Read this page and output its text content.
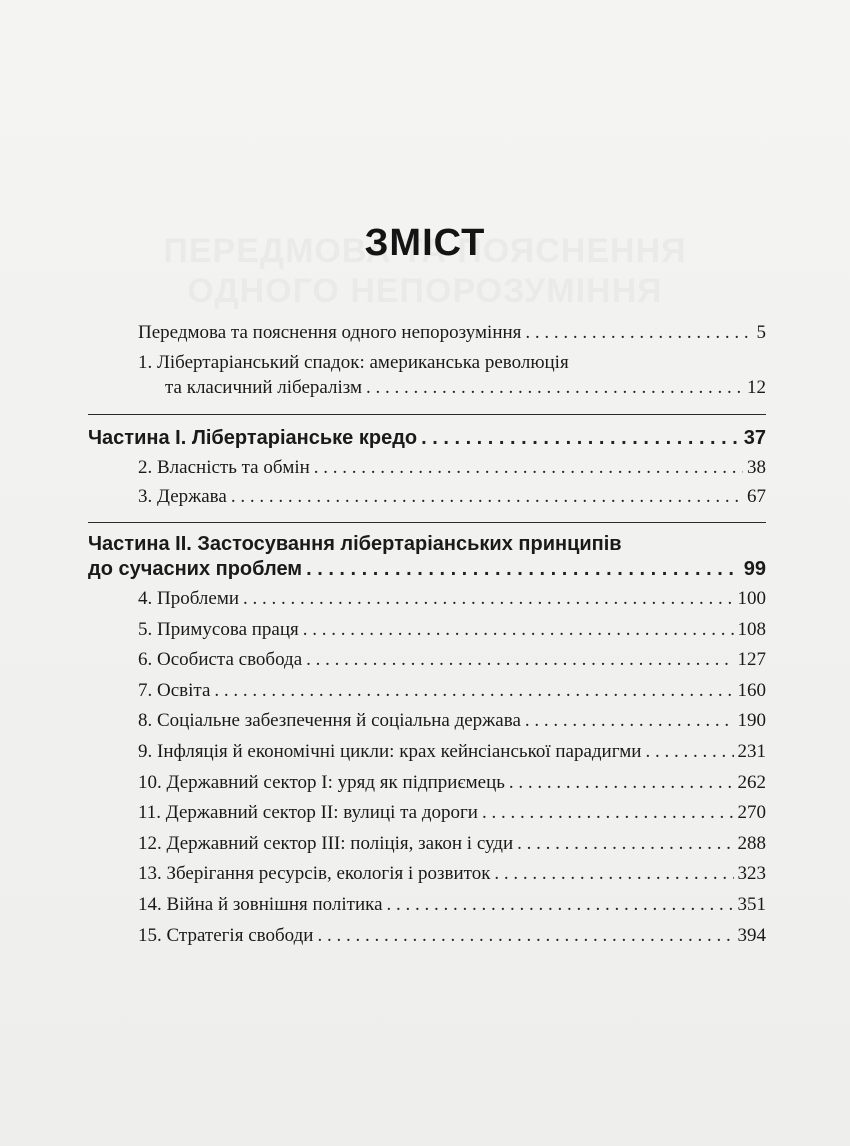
ЗМІСТ
Передмова та пояснення одного непорозуміння . . .	5
1. Лібертаріанський спадок: американська революція
та класичний лібералізм . . .	12
Частина I. Лібертаріанське кредо . . .	37
2. Власність та обмін . . .	38
3. Держава . . .	67
Частина II. Застосування лібертаріанських принципів
до сучасних проблем . . .	99
4. Проблеми . . .	100
5. Примусова праця . . .	108
6. Особиста свобода . . .	127
7. Освіта . . .	160
8. Соціальне забезпечення й соціальна держава . . .	190
9. Інфляція й економічні цикли: крах кейнсіанської парадигми . . .	231
10. Державний сектор I: уряд як підприємець . . .	262
11. Державний сектор II: вулиці та дороги . . .	270
12. Державний сектор III: поліція, закон і суди . . .	288
13. Зберігання ресурсів, екологія і розвиток . . .	323
14. Війна й зовнішня політика . . .	351
15. Стратегія свободи . . .	394
